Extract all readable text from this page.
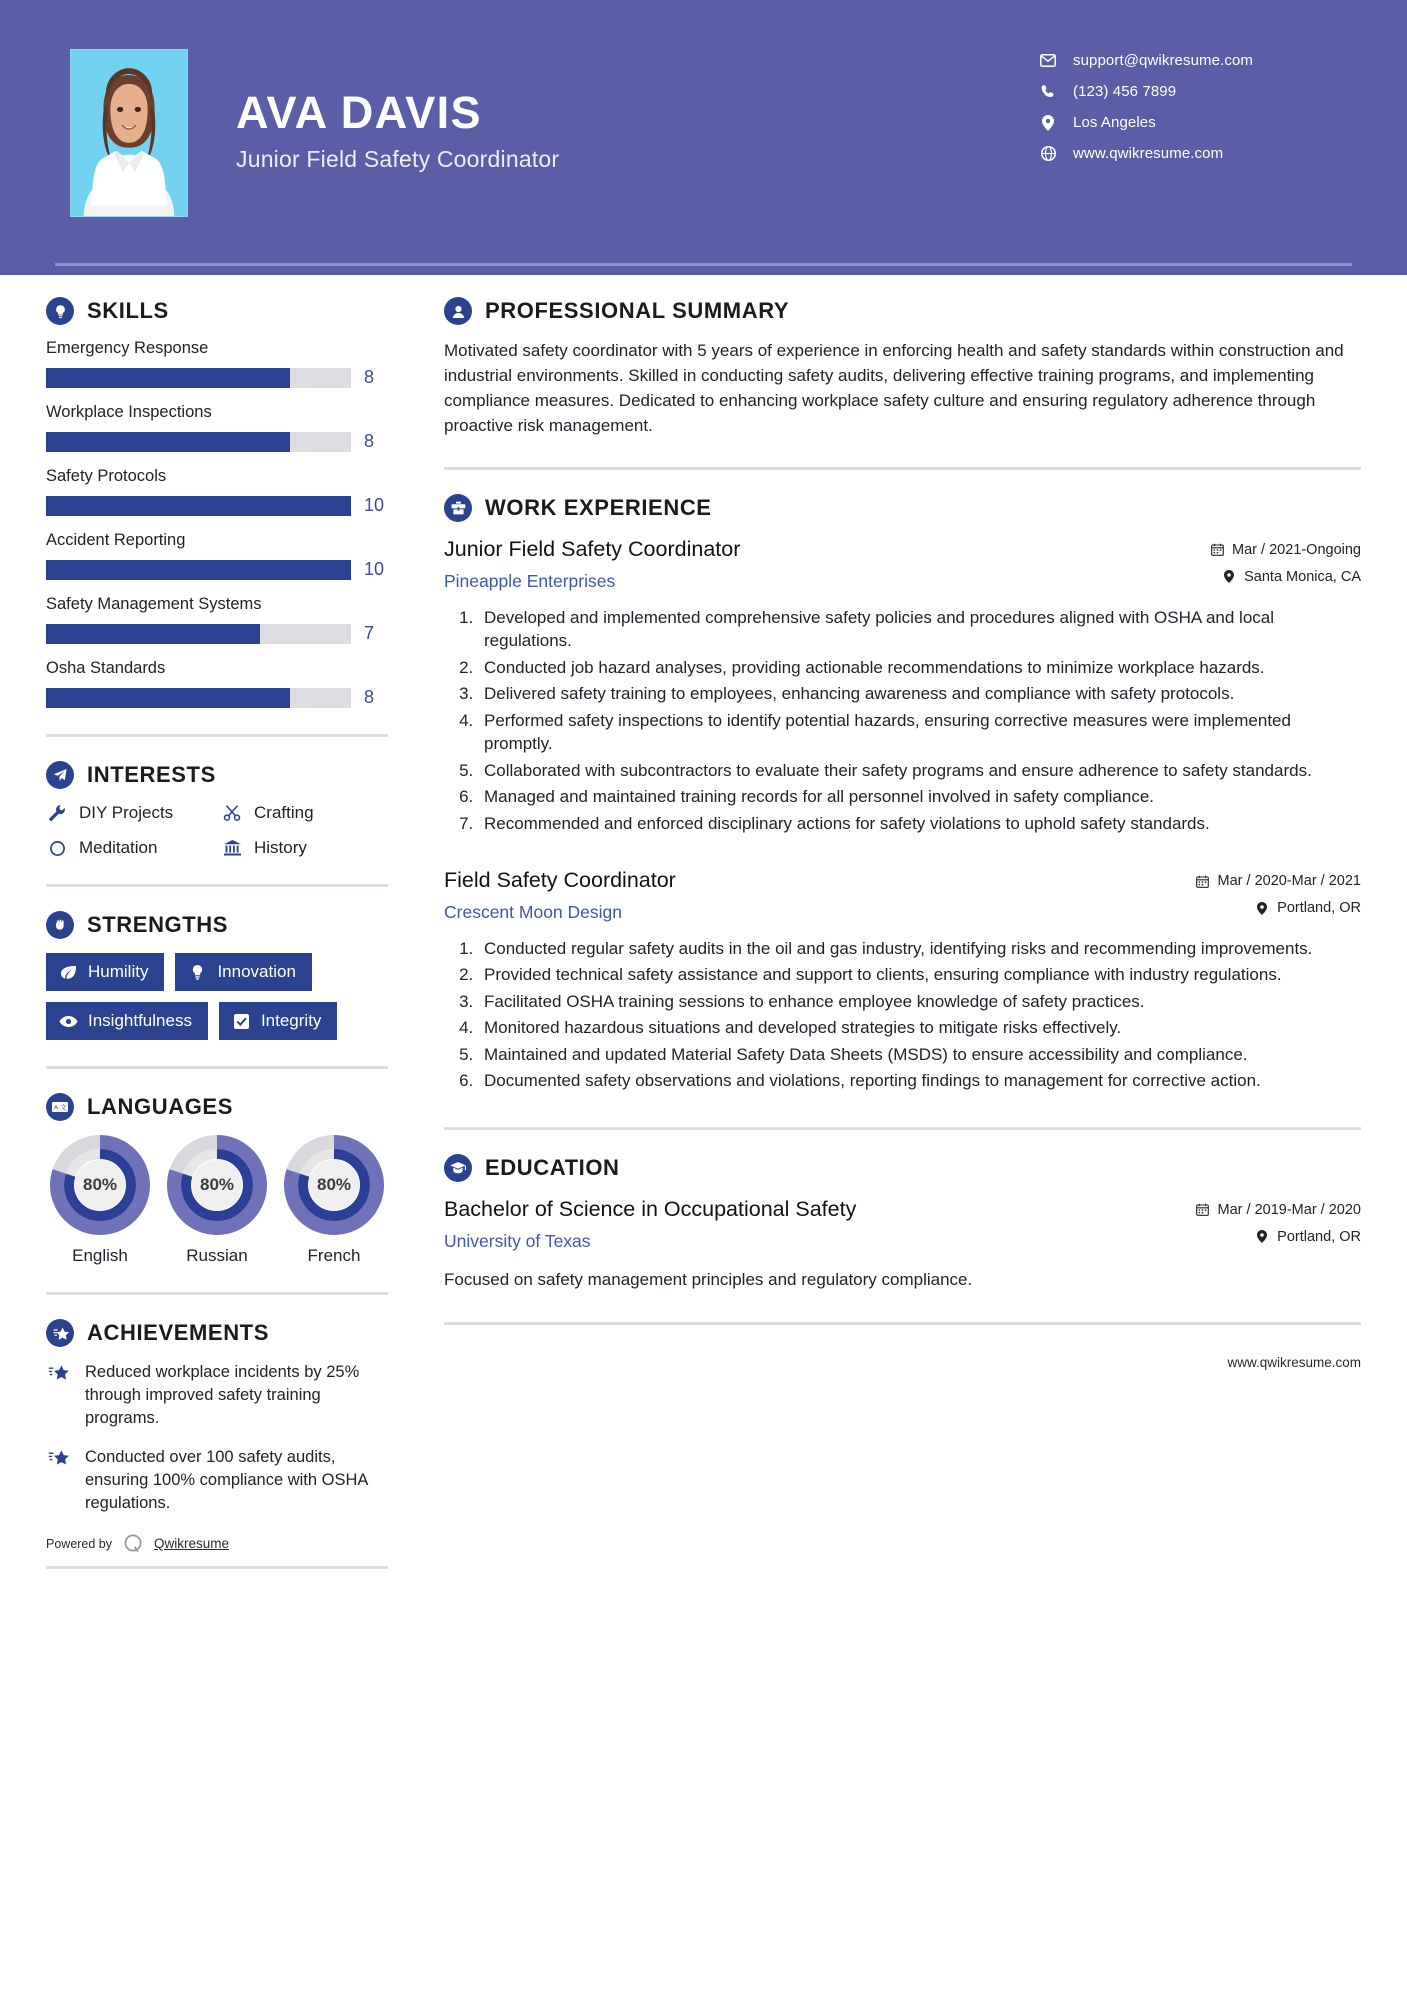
AVA DAVIS
Junior Field Safety Coordinator
support@qwikresume.com
(123) 456 7899
Los Angeles
www.qwikresume.com
SKILLS
Emergency Response
8
Workplace Inspections
8
Safety Protocols
10
Accident Reporting
10
Safety Management Systems
7
Osha Standards
8
INTERESTS
DIY Projects	Crafting
Meditation	History
STRENGTHS
Humility	Innovation
Insightfulness	Integrity
A 文 LANGUAGES
80%
English
80%
Russian
80%
French
ACHIEVEMENTS
Reduced workplace incidents by 25% through improved safety training programs.
Conducted over 100 safety audits, ensuring 100% compliance with OSHA regulations.
Powered by	Qwikresume
PROFESSIONAL SUMMARY
Motivated safety coordinator with 5 years of experience in enforcing health and safety standards within construction and industrial environments. Skilled in conducting safety audits, delivering effective training programs, and implementing compliance measures. Dedicated to enhancing workplace safety culture and ensuring regulatory adherence through proactive risk management.
WORK EXPERIENCE
Junior Field Safety Coordinator
Pineapple Enterprises
Mar / 2021-Ongoing
Santa Monica, CA
1. Developed and implemented comprehensive safety policies and procedures aligned with OSHA and local regulations.
2. Conducted job hazard analyses, providing actionable recommendations to minimize workplace hazards.
3. Delivered safety training to employees, enhancing awareness and compliance with safety protocols.
4. Performed safety inspections to identify potential hazards, ensuring corrective measures were implemented promptly.
5. Collaborated with subcontractors to evaluate their safety programs and ensure adherence to safety standards.
6. Managed and maintained training records for all personnel involved in safety compliance.
7. Recommended and enforced disciplinary actions for safety violations to uphold safety standards.
Field Safety Coordinator
Crescent Moon Design
Mar / 2020-Mar / 2021
Portland, OR
1. Conducted regular safety audits in the oil and gas industry, identifying risks and recommending improvements.
2. Provided technical safety assistance and support to clients, ensuring compliance with industry regulations.
3. Facilitated OSHA training sessions to enhance employee knowledge of safety practices.
4. Monitored hazardous situations and developed strategies to mitigate risks effectively.
5. Maintained and updated Material Safety Data Sheets (MSDS) to ensure accessibility and compliance.
6. Documented safety observations and violations, reporting findings to management for corrective action.
EDUCATION
Bachelor of Science in Occupational Safety
University of Texas
Mar / 2019-Mar / 2020
Portland, OR
Focused on safety management principles and regulatory compliance.
www.qwikresume.com
